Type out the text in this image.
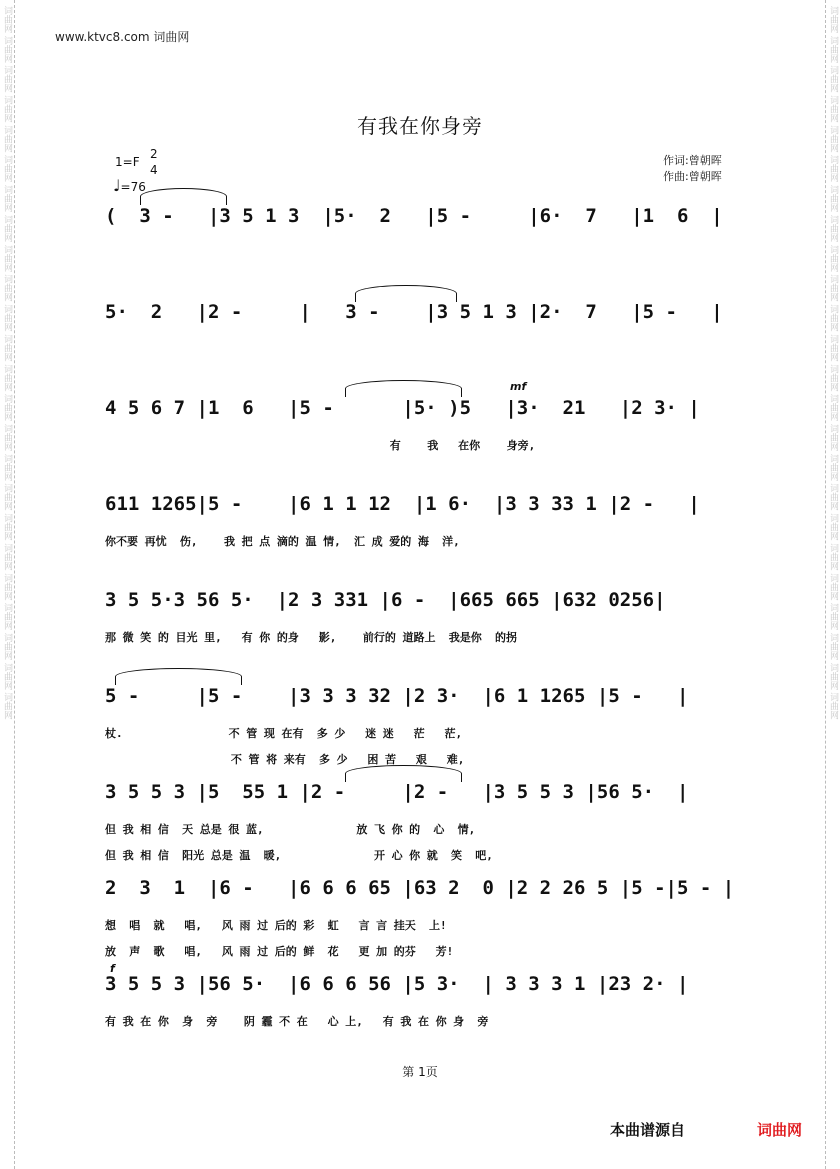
词曲网 词曲网 词曲网 词曲网 词曲网 词曲网 词曲网 词曲网 词曲网 词曲网 词曲网 词曲网 词曲网 词曲网 词曲网 词曲网 词曲网 词曲网 词曲网 词曲网 词曲网 词曲网 词曲网 词曲网	词曲网 词曲网 词曲网 词曲网 词曲网 词曲网 词曲网 词曲网 词曲网 词曲网 词曲网 词曲网 词曲网 词曲网 词曲网 词曲网 词曲网 词曲网 词曲网 词曲网 词曲网 词曲网 词曲网 词曲网
www.ktvc8.com 词曲网
有我在你身旁
1=F
2
4
♩=76
作词:曾朝晖
作曲:曾朝晖
(  3 -   |3 5 1 3  |5·  2   |5 -     |6·  7   |1  6  |
5·  2   |2 -     |   3 -    |3 5 1 3 |2·  7   |5 -   |
4 5 6 7 |1  6   |5 -      |5· )5   |3·  21   |2 3· |
mf
有    我   在你    身旁,
611 1265|5 -    |6 1 1 12  |1 6·  |3 3 33 1 |2 -   |
你不要 再忧  伤,    我 把 点 滴的 温 情,  汇 成 爱的 海  洋,
3 5 5·3 56 5·  |2 3 331 |6 -  |665 665 |632 0256|
那 微 笑 的 目光 里,   有 你 的身   影,    前行的 道路上  我是你  的拐
5 -     |5 -    |3 3 3 32 |2 3·  |6 1 1265 |5 -   |
杖.                不 管 现 在有  多 少   迷 迷   茫   茫,
不 管 将 来有  多 少   困 苦   艰   难,
3 5 5 3 |5  55 1 |2 -     |2 -   |3 5 5 3 |56 5·  |
但 我 相 信  天 总是 很 蓝,              放 飞 你 的  心  情,
但 我 相 信  阳光 总是 温  暖,              开 心 你 就  笑  吧,
2  3  1  |6 -   |6 6 6 65 |63 2  0 |2 2 26 5 |5 -|5 - |
想  唱  就   唱,   风 雨 过 后的 彩  虹   言 言 挂天  上!
放  声  歌   唱,   风 雨 过 后的 鲜  花   更 加 的芬   芳!
3 5 5 3 |56 5·  |6 6 6 56 |5 3·  | 3 3 3 1 |23 2· |
f
有 我 在 你  身  旁    阴 霾 不 在   心 上,   有 我 在 你 身  旁
第 1页
本曲谱源自	词曲网
